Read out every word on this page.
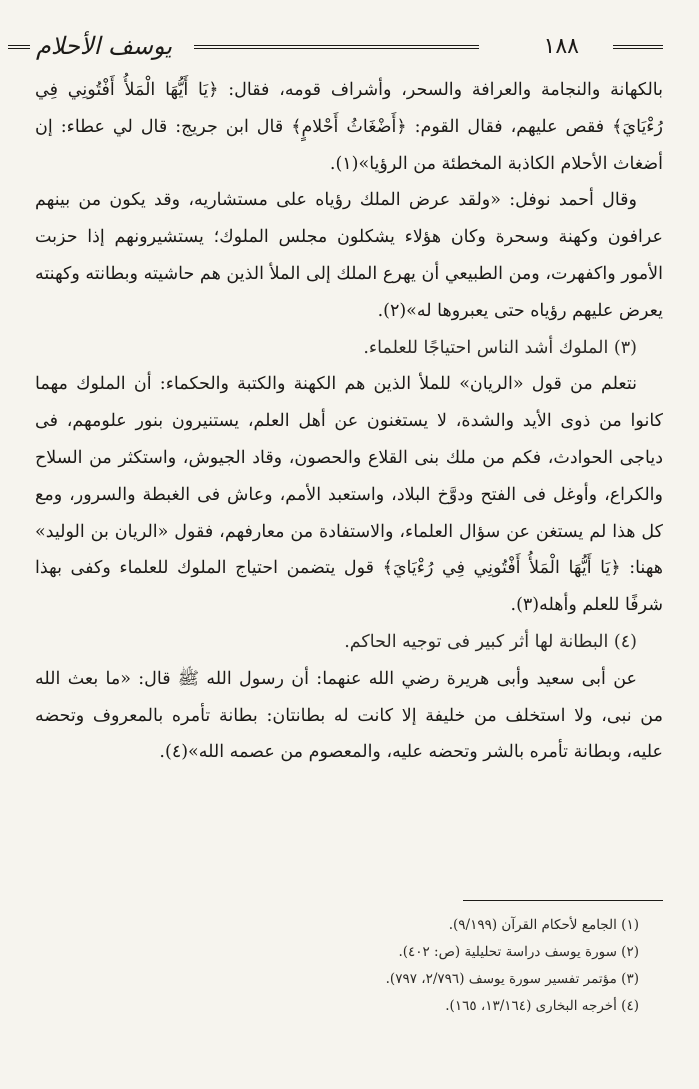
١٨٨
يوسف الأحلام

بالكهانة والنجامة والعرافة والسحر، وأشراف قومه، فقال: ﴿يَا أَيُّهَا الْمَلأُ أَفْتُونِي فِي رُءْيَايَ﴾ فقص عليهم، فقال القوم: ﴿أَضْغَاثُ أَحْلامٍ﴾ قال ابن جريج: قال لي عطاء: إن أضغاث الأحلام الكاذبة المخطئة من الرؤيا»(١).

وقال أحمد نوفل: «ولقد عرض الملك رؤياه على مستشاريه، وقد يكون من بينهم عرافون وكهنة وسحرة وكان هؤلاء يشكلون مجلس الملوك؛ يستشيرونهم إذا حزبت الأمور واكفهرت، ومن الطبيعي أن يهرع الملك إلى الملأ الذين هم حاشيته وبطانته وكهنته يعرض عليهم رؤياه حتى يعبروها له»(٢).

(٣) الملوك أشد الناس احتياجًا للعلماء.

نتعلم من قول «الريان» للملأ الذين هم الكهنة والكتبة والحكماء: أن الملوك مهما كانوا من ذوى الأيد والشدة، لا يستغنون عن أهل العلم، يستنيرون بنور علومهم، فى دياجى الحوادث، فكم من ملك بنى القلاع والحصون، وقاد الجيوش، واستكثر من السلاح والكراع، وأوغل فى الفتح ودوَّخ البلاد، واستعبد الأمم، وعاش فى الغبطة والسرور، ومع كل هذا لم يستغن عن سؤال العلماء، والاستفادة من معارفهم، فقول «الريان بن الوليد» ههنا: ﴿يَا أَيُّهَا الْمَلأُ أَفْتُونِي فِي رُءْيَايَ﴾ قول يتضمن احتياج الملوك للعلماء وكفى بهذا شرفًا للعلم وأهله(٣).

(٤) البطانة لها أثر كبير فى توجيه الحاكم.

عن أبى سعيد وأبى هريرة رضي الله عنهما: أن رسول الله ﷺ قال: «ما بعث الله من نبى، ولا استخلف من خليفة إلا كانت له بطانتان: بطانة تأمره بالمعروف وتحضه عليه، وبطانة تأمره بالشر وتحضه عليه، والمعصوم من عصمه الله»(٤).

(١) الجامع لأحكام القرآن (٩/١٩٩).
(٢) سورة يوسف دراسة تحليلية (ص: ٤٠٢).
(٣) مؤتمر تفسير سورة يوسف (٢/٧٩٦، ٧٩٧).
(٤) أخرجه البخارى (١٣/١٦٤، ١٦٥).
